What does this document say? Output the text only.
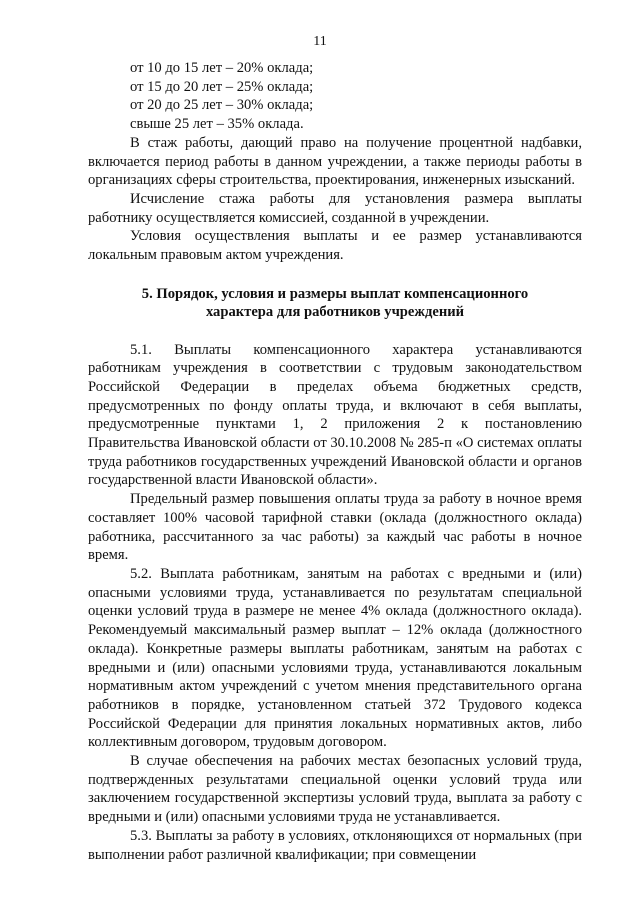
11

от 10 до 15 лет – 20% оклада;

от 15 до 20 лет – 25% оклада;

от 20 до 25 лет – 30% оклада;

свыше 25 лет – 35% оклада.

В стаж работы, дающий право на получение процентной надбавки, включается период работы в данном учреждении, а также периоды работы в организациях сферы строительства, проектирования, инженерных изысканий.

Исчисление стажа работы для установления размера выплаты работнику осуществляется комиссией, созданной в учреждении.

Условия осуществления выплаты и ее размер устанавливаются локальным правовым актом учреждения.

5. Порядок, условия и размеры выплат компенсационного
характера для работников учреждений

5.1. Выплаты компенсационного характера устанавливаются работникам учреждения в соответствии с трудовым законодательством Российской Федерации в пределах объема бюджетных средств, предусмотренных по фонду оплаты труда, и включают в себя выплаты, предусмотренные пунктами 1, 2 приложения 2 к постановлению Правительства Ивановской области от 30.10.2008 № 285-п «О системах оплаты труда работников государственных учреждений Ивановской области и органов государственной власти Ивановской области».

Предельный размер повышения оплаты труда за работу в ночное время составляет 100% часовой тарифной ставки (оклада (должностного оклада) работника, рассчитанного за час работы) за каждый час работы в ночное время.

5.2. Выплата работникам, занятым на работах с вредными и (или) опасными условиями труда, устанавливается по результатам специальной оценки условий труда в размере не менее 4% оклада (должностного оклада). Рекомендуемый максимальный размер выплат – 12% оклада (должностного оклада). Конкретные размеры выплаты работникам, занятым на работах с вредными и (или) опасными условиями труда, устанавливаются локальным нормативным актом учреждений с учетом мнения представительного органа работников в порядке, установленном статьей 372 Трудового кодекса Российской Федерации для принятия локальных нормативных актов, либо коллективным договором, трудовым договором.

В случае обеспечения на рабочих местах безопасных условий труда, подтвержденных результатами специальной оценки условий труда или заключением государственной экспертизы условий труда, выплата за работу с вредными и (или) опасными условиями труда не устанавливается.

5.3. Выплаты за работу в условиях, отклоняющихся от нормальных (при выполнении работ различной квалификации; при совмещении
